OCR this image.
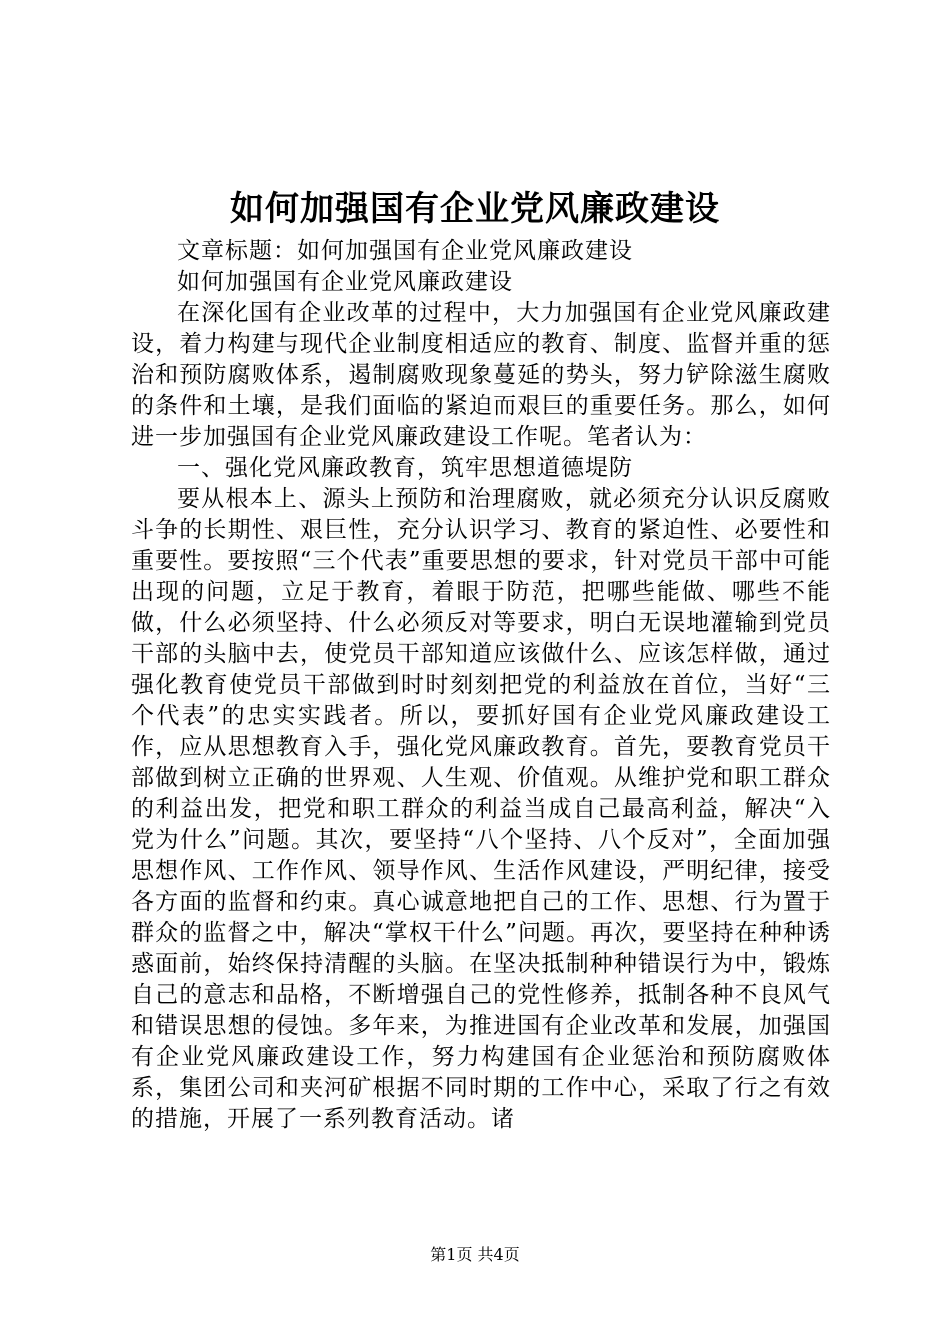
如何加强国有企业党风廉政建设

文章标题：如何加强国有企业党风廉政建设

如何加强国有企业党风廉政建设

在深化国有企业改革的过程中，大力加强国有企业党风廉政建设，着力构建与现代企业制度相适应的教育、制度、监督并重的惩治和预防腐败体系，遏制腐败现象蔓延的势头，努力铲除滋生腐败的条件和土壤，是我们面临的紧迫而艰巨的重要任务。那么，如何进一步加强国有企业党风廉政建设工作呢。笔者认为：

一、强化党风廉政教育，筑牢思想道德堤防

要从根本上、源头上预防和治理腐败，就必须充分认识反腐败斗争的长期性、艰巨性，充分认识学习、教育的紧迫性、必要性和重要性。要按照“三个代表”重要思想的要求，针对党员干部中可能出现的问题，立足于教育，着眼于防范，把哪些能做、哪些不能做，什么必须坚持、什么必须反对等要求，明白无误地灌输到党员干部的头脑中去，使党员干部知道应该做什么、应该怎样做，通过强化教育使党员干部做到时时刻刻把党的利益放在首位，当好“三个代表”的忠实实践者。所以，要抓好国有企业党风廉政建设工作，应从思想教育入手，强化党风廉政教育。首先，要教育党员干部做到树立正确的世界观、人生观、价值观。从维护党和职工群众的利益出发，把党和职工群众的利益当成自己最高利益，解决“入党为什么”问题。其次，要坚持“八个坚持、八个反对”，全面加强思想作风、工作作风、领导作风、生活作风建设，严明纪律，接受各方面的监督和约束。真心诚意地把自己的工作、思想、行为置于群众的监督之中，解决“掌权干什么”问题。再次，要坚持在种种诱惑面前，始终保持清醒的头脑。在坚决抵制种种错误行为中，锻炼自己的意志和品格，不断增强自己的党性修养，抵制各种不良风气和错误思想的侵蚀。多年来，为推进国有企业改革和发展，加强国有企业党风廉政建设工作，努力构建国有企业惩治和预防腐败体系，集团公司和夹河矿根据不同时期的工作中心，采取了行之有效的措施，开展了一系列教育活动。诸

第1页 共4页
